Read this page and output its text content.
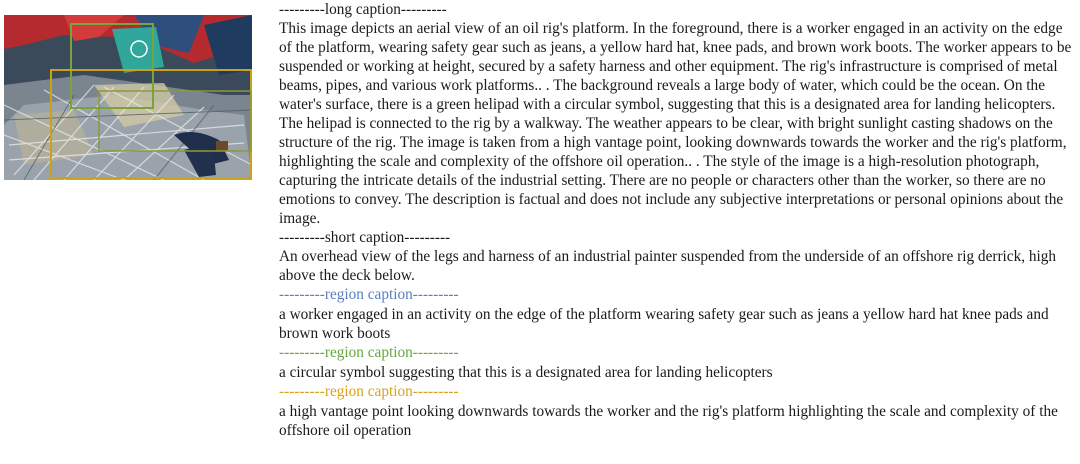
---------long caption---------

This image depicts an aerial view of an oil rig's platform. In the foreground, there is a worker engaged in an activity on the edge of the platform, wearing safety gear such as jeans, a yellow hard hat, knee pads, and brown work boots. The worker appears to be suspended or working at height, secured by a safety harness and other equipment. The rig's infrastructure is comprised of metal beams, pipes, and various work platforms.. . The background reveals a large body of water, which could be the ocean. On the water's surface, there is a green helipad with a circular symbol, suggesting that this is a designated area for landing helicopters. The helipad is connected to the rig by a walkway. The weather appears to be clear, with bright sunlight casting shadows on the structure of the rig. The image is taken from a high vantage point, looking downwards towards the worker and the rig's platform, highlighting the scale and complexity of the offshore oil operation.. . The style of the image is a high-resolution photograph, capturing the intricate details of the industrial setting. There are no people or characters other than the worker, so there are no emotions to convey. The description is factual and does not include any subjective interpretations or personal opinions about the image.

---------short caption---------

An overhead view of the legs and harness of an industrial painter suspended from the underside of an offshore rig derrick, high above the deck below.

---------region caption---------

a worker engaged in an activity on the edge of the platform wearing safety gear such as jeans a yellow hard hat knee pads and brown work boots

---------region caption---------

a circular symbol suggesting that this is a designated area for landing helicopters

---------region caption---------

a high vantage point looking downwards towards the worker and the rig's platform highlighting the scale and complexity of the offshore oil operation
